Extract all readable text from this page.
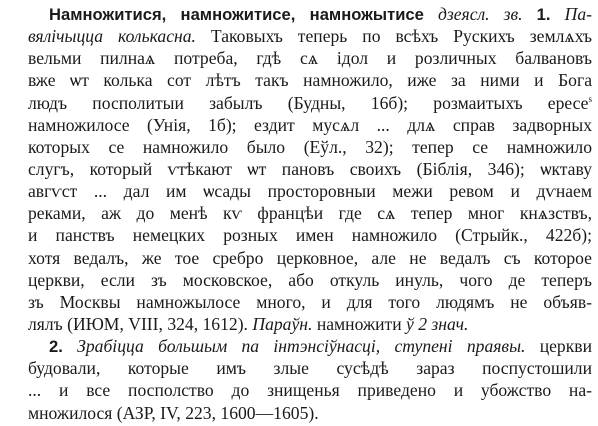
Намножитися, намножитисе, намножытисе дзеясл. зв. 1. Па-
вялічыцца колькасна. Таковыхъ теперь по всѣхъ Рускихъ землѧхъ
вельми пилнаѧ потреба, гдѣ сѧ ідол и розличных балвановъ
вже ѡт колька сот лѣтъ такъ намножило, иже за ними и Бога
людъ посполитыи забылъ (Будны, 16б); розмаитыхъ ересе$^s$
намножилосе (Унія, 1б); ездит мусѧл ... длѧ справ задворных
которых се намножило было (Еўл., 32); тепер се намножило
слугъ, который ѵтѣкают ѡт пановъ своихъ (Біблія, 346); ѡктаву
авгѵст ... дал им ѡсады просторовныи межи ревом и дѵнаем
реками, аж до менѣ кѵ францѣи где сѧ тепер мног кнѧзствъ,
и панствъ немецких розных имен намножило (Стрыйк., 422б);
хотя ведалъ, же тое сребро церковное, але не ведалъ съ которое
церкви, если зъ московское, або откуль инуль, чого де теперъ
зъ Москвы намножылосе много, и для того людямъ не объяв-
лялъ (ИЮМ, VIII, 324, 1612). Параўн. намножити ў 2 знач.
2. Зрабіцца большым па інтэнсіўнасці, ступені праявы. церкви
будовали, которые имъ злые сусѣдѣ зараз поспустошили
... и все посполство до знищенья приведено и убожство на-
множилося (АЗР, IV, 223, 1600—1605).
